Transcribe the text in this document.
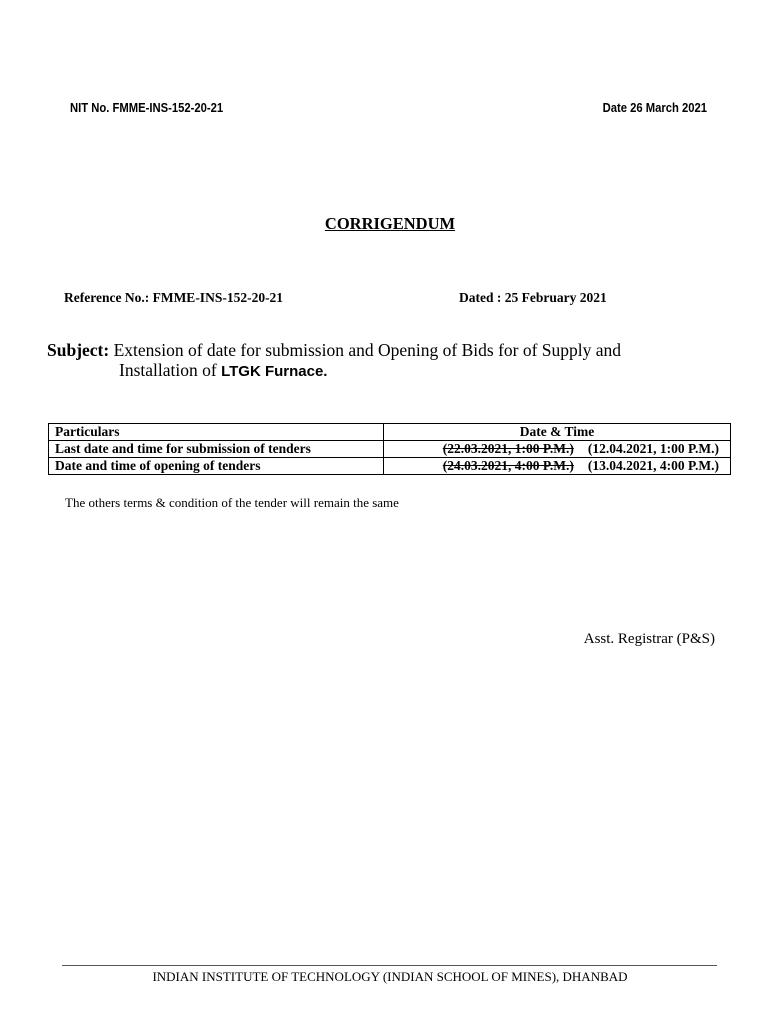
NIT No. FMME-INS-152-20-21	Date 26 March 2021
CORRIGENDUM
Reference No.: FMME-INS-152-20-21	Dated : 25 February 2021
Subject: Extension of date for submission and Opening of Bids for of Supply and
Installation of LTGK Furnace.
Particulars	Date & Time
Last date and time for submission of tenders	(22.03.2021, 1:00 P.M.) (12.04.2021, 1:00 P.M.)
Date and time of opening of tenders	(24.03.2021, 4:00 P.M.) (13.04.2021, 4:00 P.M.)
The others terms & condition of the tender will remain the same
Asst. Registrar (P&S)
INDIAN INSTITUTE OF TECHNOLOGY (INDIAN SCHOOL OF MINES), DHANBAD
